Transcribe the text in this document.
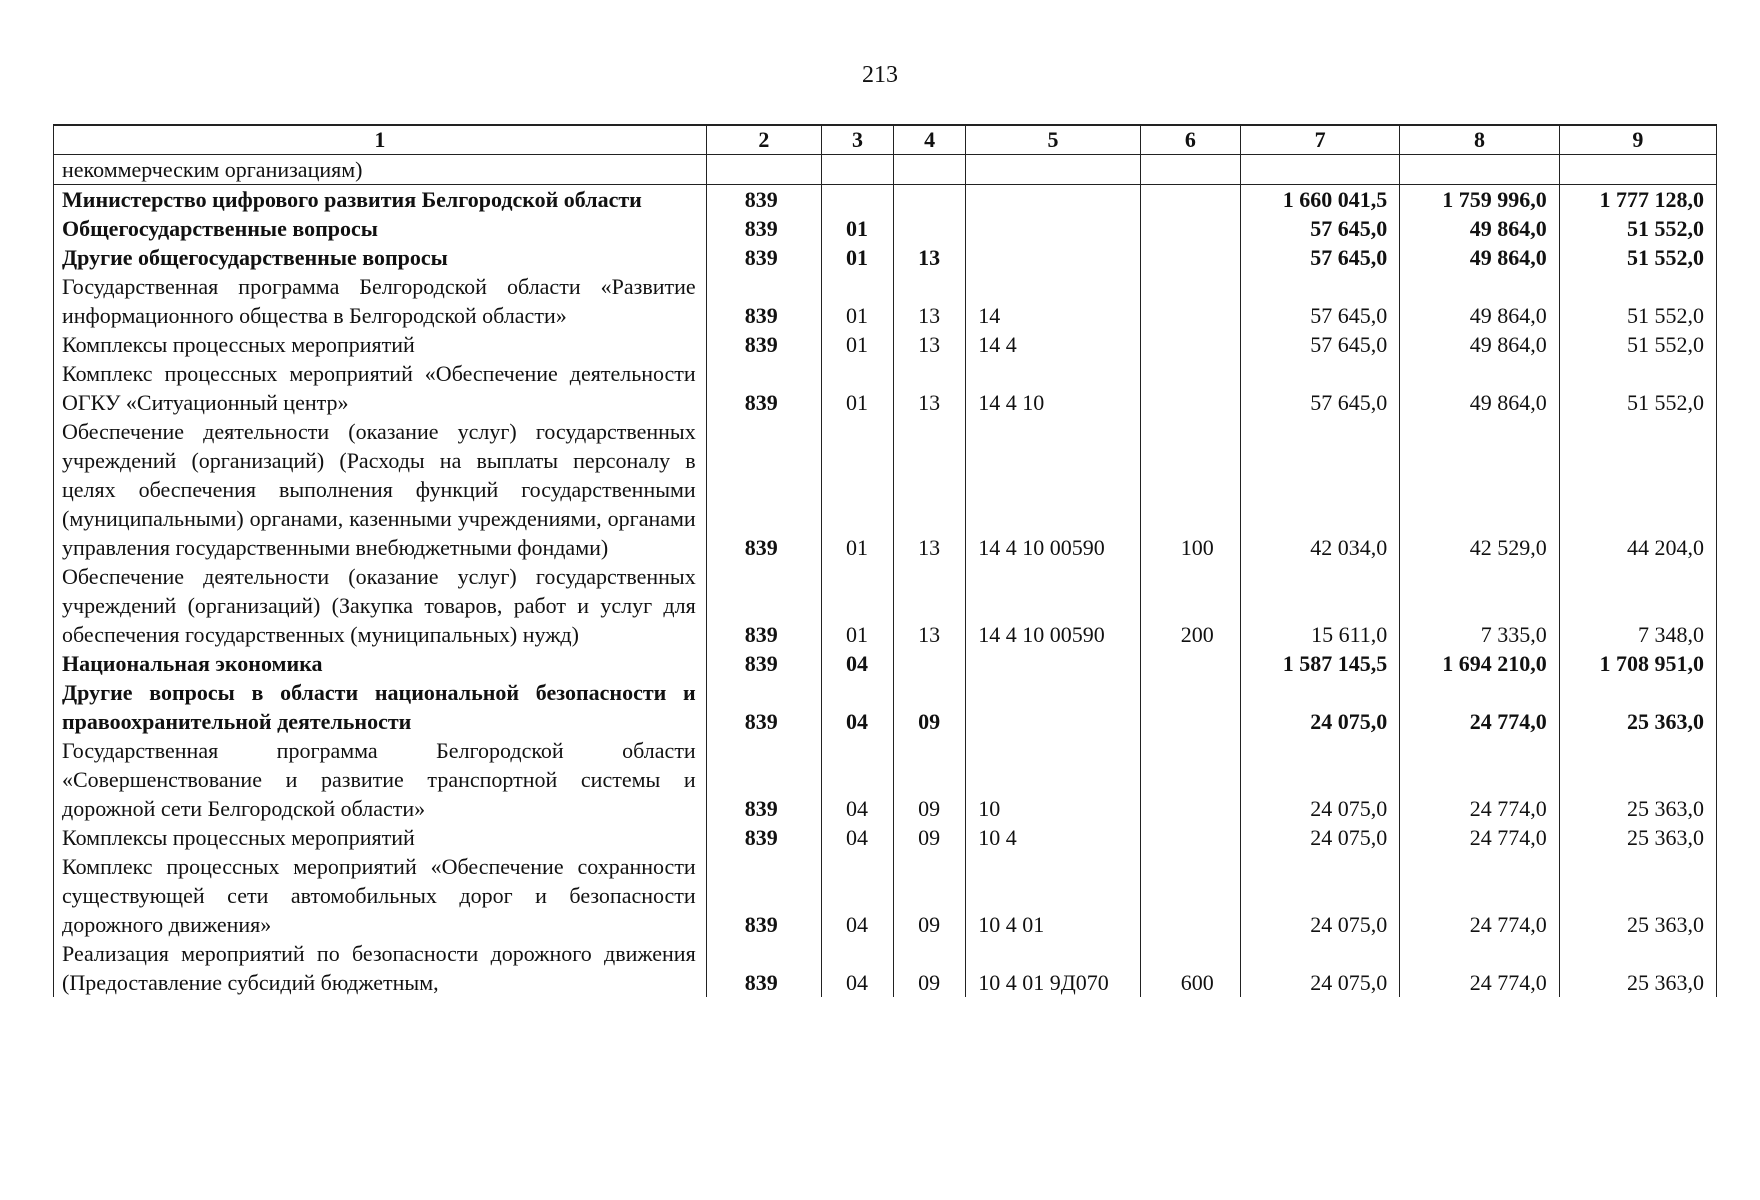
213
1	2	3	4	5	6	7	8	9
некоммерческим организациям)								
Министерство цифрового развития Белгородской области	839					1 660 041,5	1 759 996,0	1 777 128,0
Общегосударственные вопросы	839	01				57 645,0	49 864,0	51 552,0
Другие общегосударственные вопросы	839	01	13			57 645,0	49 864,0	51 552,0
Государственная программа Белгородской области «Развитие информационного общества в Белгородской области»	839	01	13	14		57 645,0	49 864,0	51 552,0
Комплексы процессных мероприятий	839	01	13	14 4		57 645,0	49 864,0	51 552,0
Комплекс процессных мероприятий «Обеспечение деятельности ОГКУ «Ситуационный центр»	839	01	13	14 4 10		57 645,0	49 864,0	51 552,0
Обеспечение деятельности (оказание услуг) государственных учреждений (организаций) (Расходы на выплаты персоналу в целях обеспечения выполнения функций государственными (муниципальными) органами, казенными учреждениями, органами управления государственными внебюджетными фондами)	839	01	13	14 4 10 00590	100	42 034,0	42 529,0	44 204,0
Обеспечение деятельности (оказание услуг) государственных учреждений (организаций) (Закупка товаров, работ и услуг для обеспечения государственных (муниципальных) нужд)	839	01	13	14 4 10 00590	200	15 611,0	7 335,0	7 348,0
Национальная экономика	839	04				1 587 145,5	1 694 210,0	1 708 951,0
Другие вопросы в области национальной безопасности и правоохранительной деятельности	839	04	09			24 075,0	24 774,0	25 363,0
Государственная программа Белгородской области «Совершенствование и развитие транспортной системы и дорожной сети Белгородской области»	839	04	09	10		24 075,0	24 774,0	25 363,0
Комплексы процессных мероприятий	839	04	09	10 4		24 075,0	24 774,0	25 363,0
Комплекс процессных мероприятий «Обеспечение сохранности существующей сети автомобильных дорог и безопасности дорожного движения»	839	04	09	10 4 01		24 075,0	24 774,0	25 363,0
Реализация мероприятий по безопасности дорожного движения (Предоставление субсидий бюджетным,	839	04	09	10 4 01 9Д070	600	24 075,0	24 774,0	25 363,0
